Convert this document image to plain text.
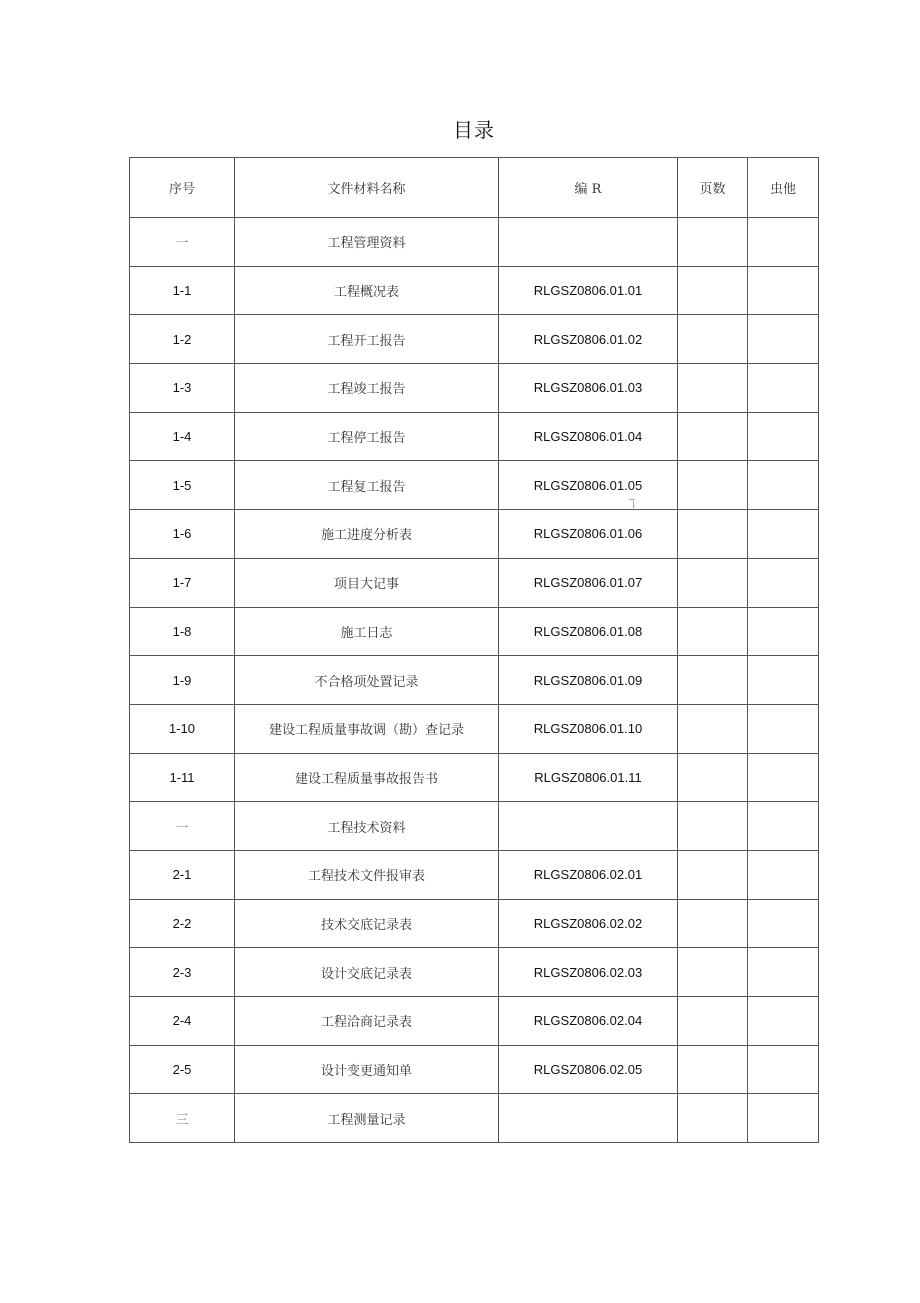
目录
序号	文件材料名称	编 R	页数	虫他
一	工程管理资料			
1-1	工程概况表	RLGSZ0806.01.01		
1-2	工程开工报告	RLGSZ0806.01.02		
1-3	工程竣工报告	RLGSZ0806.01.03		
1-4	工程停工报告	RLGSZ0806.01.04		
1-5	工程复工报告	RLGSZ0806.01.05		
1-6	施工进度分析表	RLGSZ0806.01.06		
1-7	项目大记事	RLGSZ0806.01.07		
1-8	施工日志	RLGSZ0806.01.08		
1-9	不合格项处置记录	RLGSZ0806.01.09		
1-10	建设工程质量事故调（勘）查记录	RLGSZ0806.01.10		
1-11	建设工程质量事故报告书	RLGSZ0806.01.11		
一	工程技术资料			
2-1	工程技术文件报审表	RLGSZ0806.02.01		
2-2	技术交底记录表	RLGSZ0806.02.02		
2-3	设计交底记录表	RLGSZ0806.02.03		
2-4	工程洽商记录表	RLGSZ0806.02.04		
2-5	设计变更通知单	RLGSZ0806.02.05		
三	工程测量记录			
